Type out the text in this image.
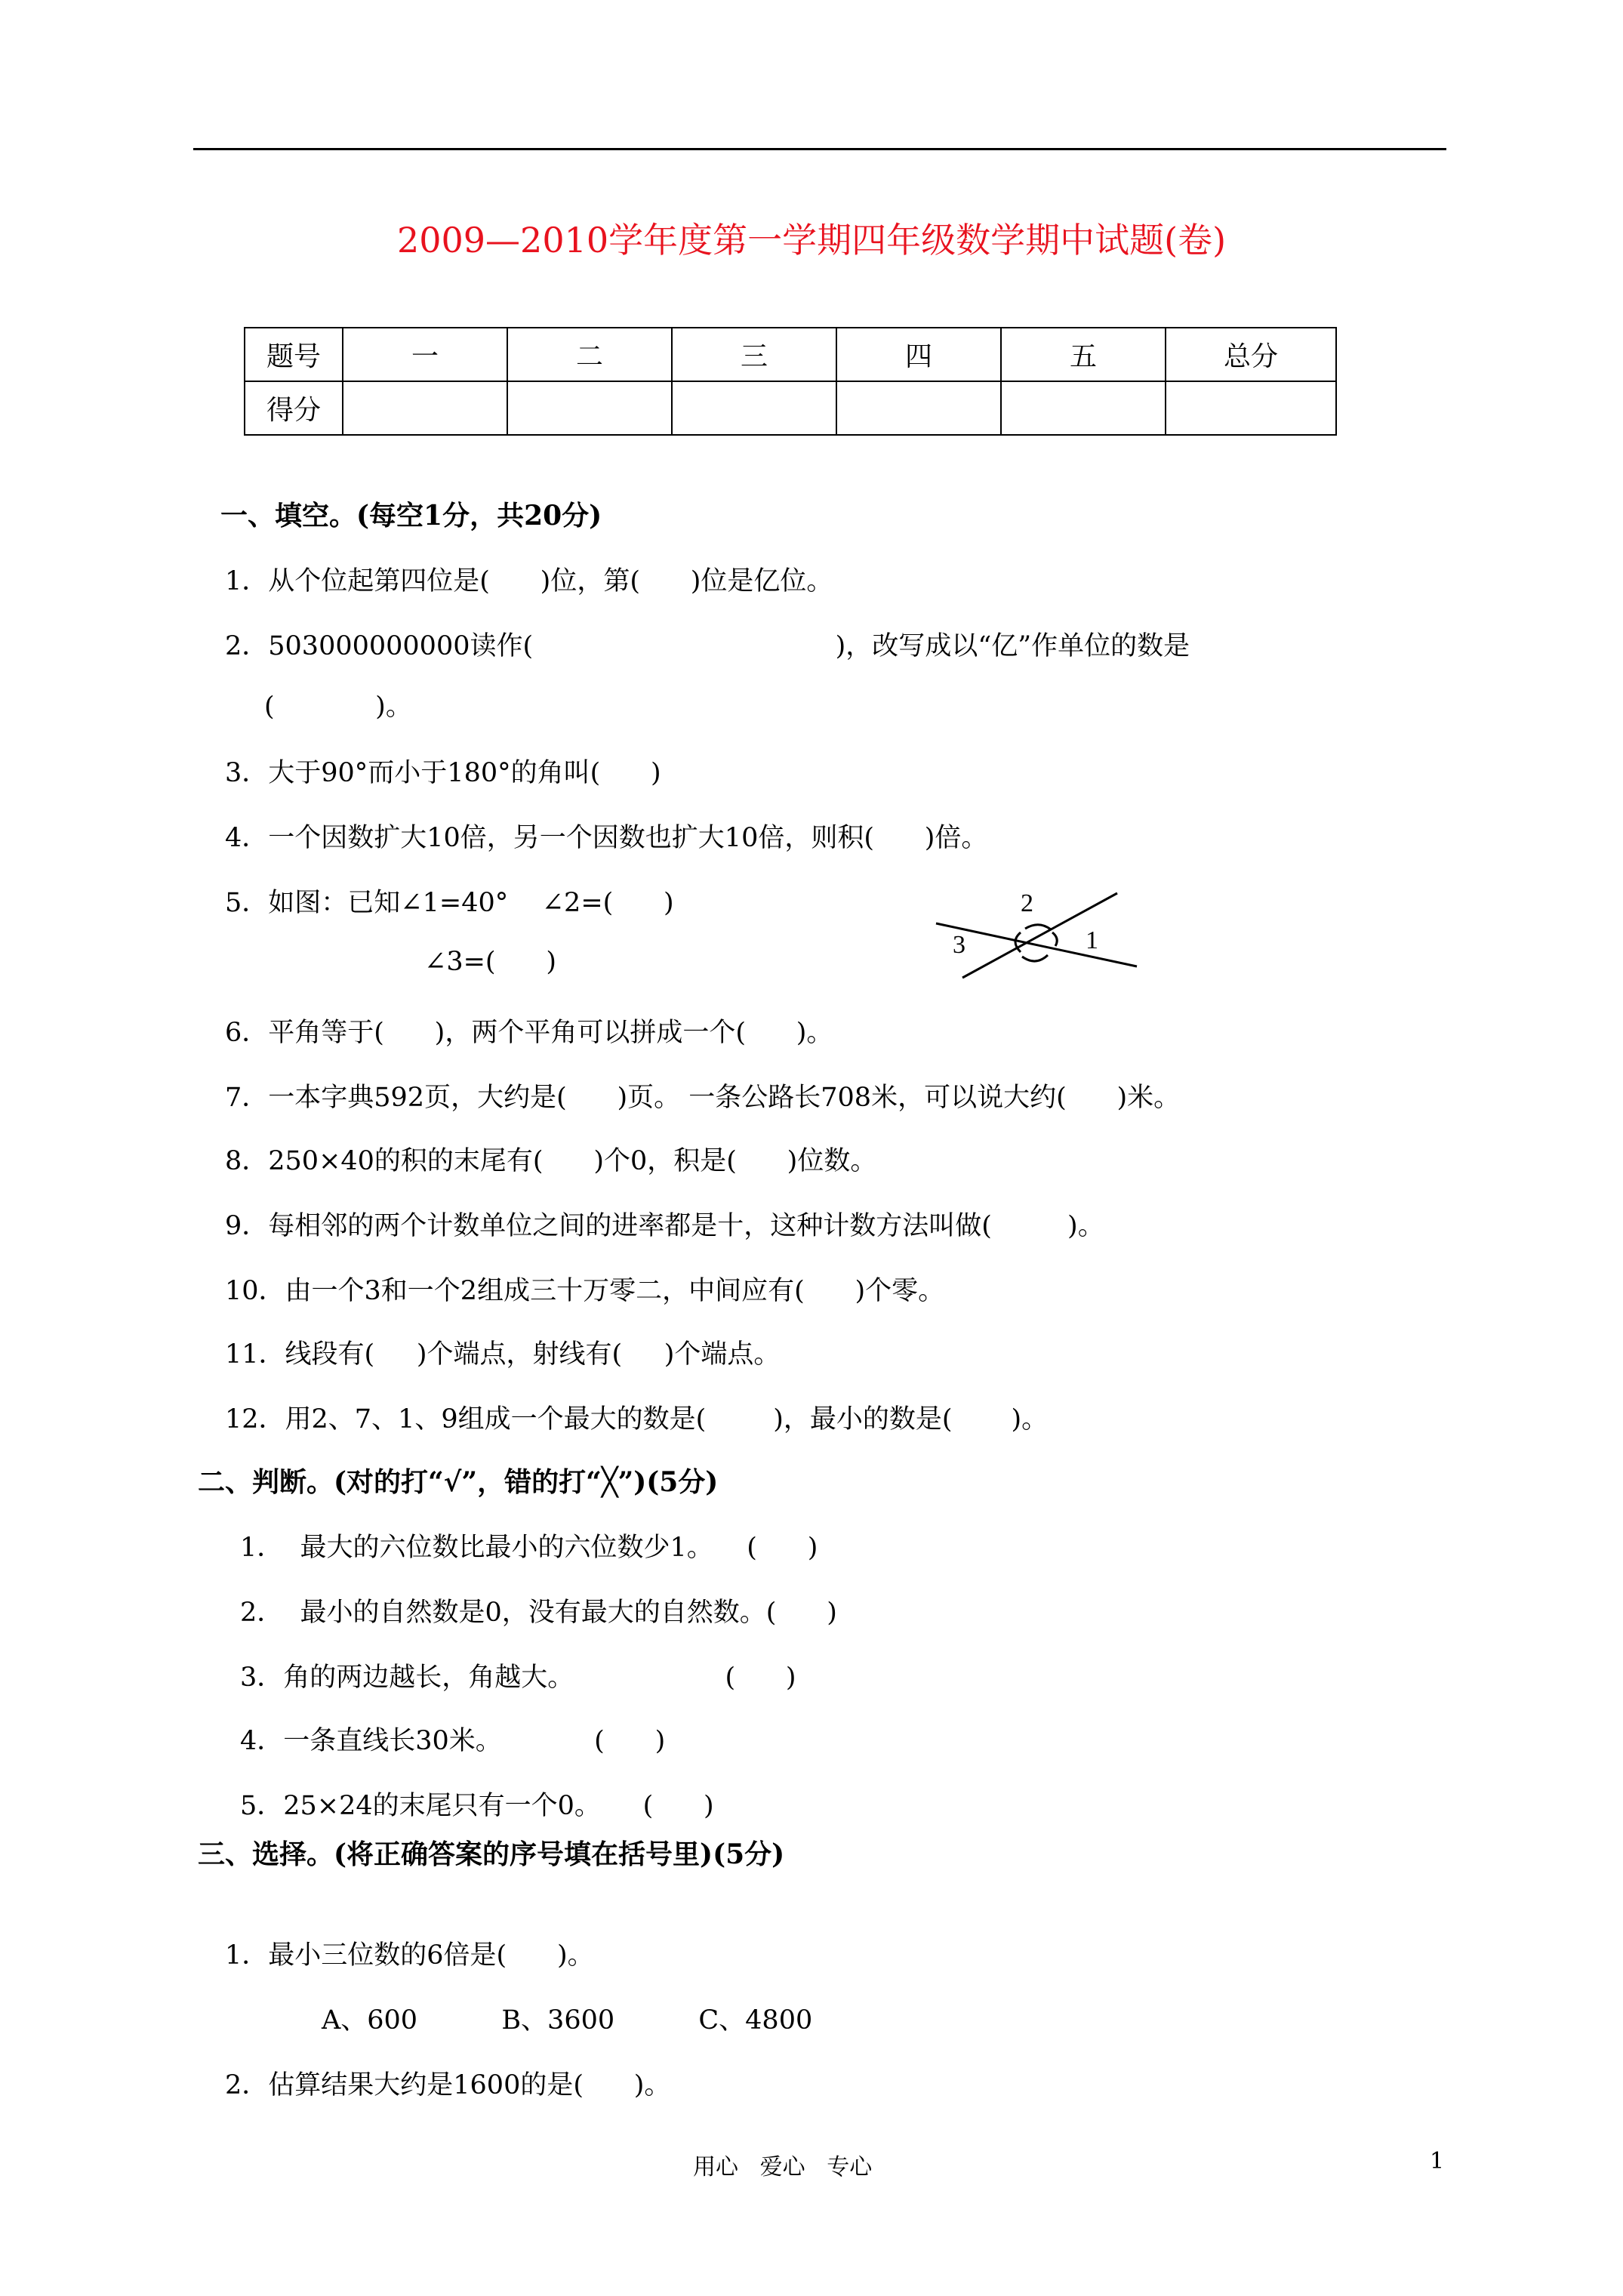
2009—2010学年度第一学期四年级数学期中试题(卷)
题号	一	二	三	四	五	总分
得分						
一、填空。(每空1分，共20分)
1．从个位起第四位是(      )位，第(      )位是亿位。
2．503000000000读作(                                    )，改写成以“亿”作单位的数是
(            )。
3．大于90°而小于180°的角叫(      )
4．一个因数扩大10倍，另一个因数也扩大10倍，则积(      )倍。
5．如图：已知∠1=40°    ∠2=(      )
∠3=(      )
2
3	1
6．平角等于(      )，两个平角可以拼成一个(      )。
7．一本字典592页，大约是(      )页。 一条公路长708米，可以说大约(      )米。
8．250×40的积的末尾有(      )个0，积是(      )位数。
9．每相邻的两个计数单位之间的进率都是十，这种计数方法叫做(         )。
10．由一个3和一个2组成三十万零二，中间应有(      )个零。
11．线段有(     )个端点，射线有(     )个端点。
12．用2、7、1、9组成一个最大的数是(        )，最小的数是(       )。
二、判断。(对的打“√”，错的打“╳”)(5分)
1．  最大的六位数比最小的六位数少1。    (      )
2．  最小的自然数是0，没有最大的自然数。(      )
3．角的两边越长，角越大。                  (      )
4．一条直线长30米。           (      )
5．25×24的末尾只有一个0。     (      )
三、选择。(将正确答案的序号填在括号里)(5分)
1．最小三位数的6倍是(      )。
A、600          B、3600          C、4800
2．估算结果大约是1600的是(      )。
用心   爱心   专心	1
